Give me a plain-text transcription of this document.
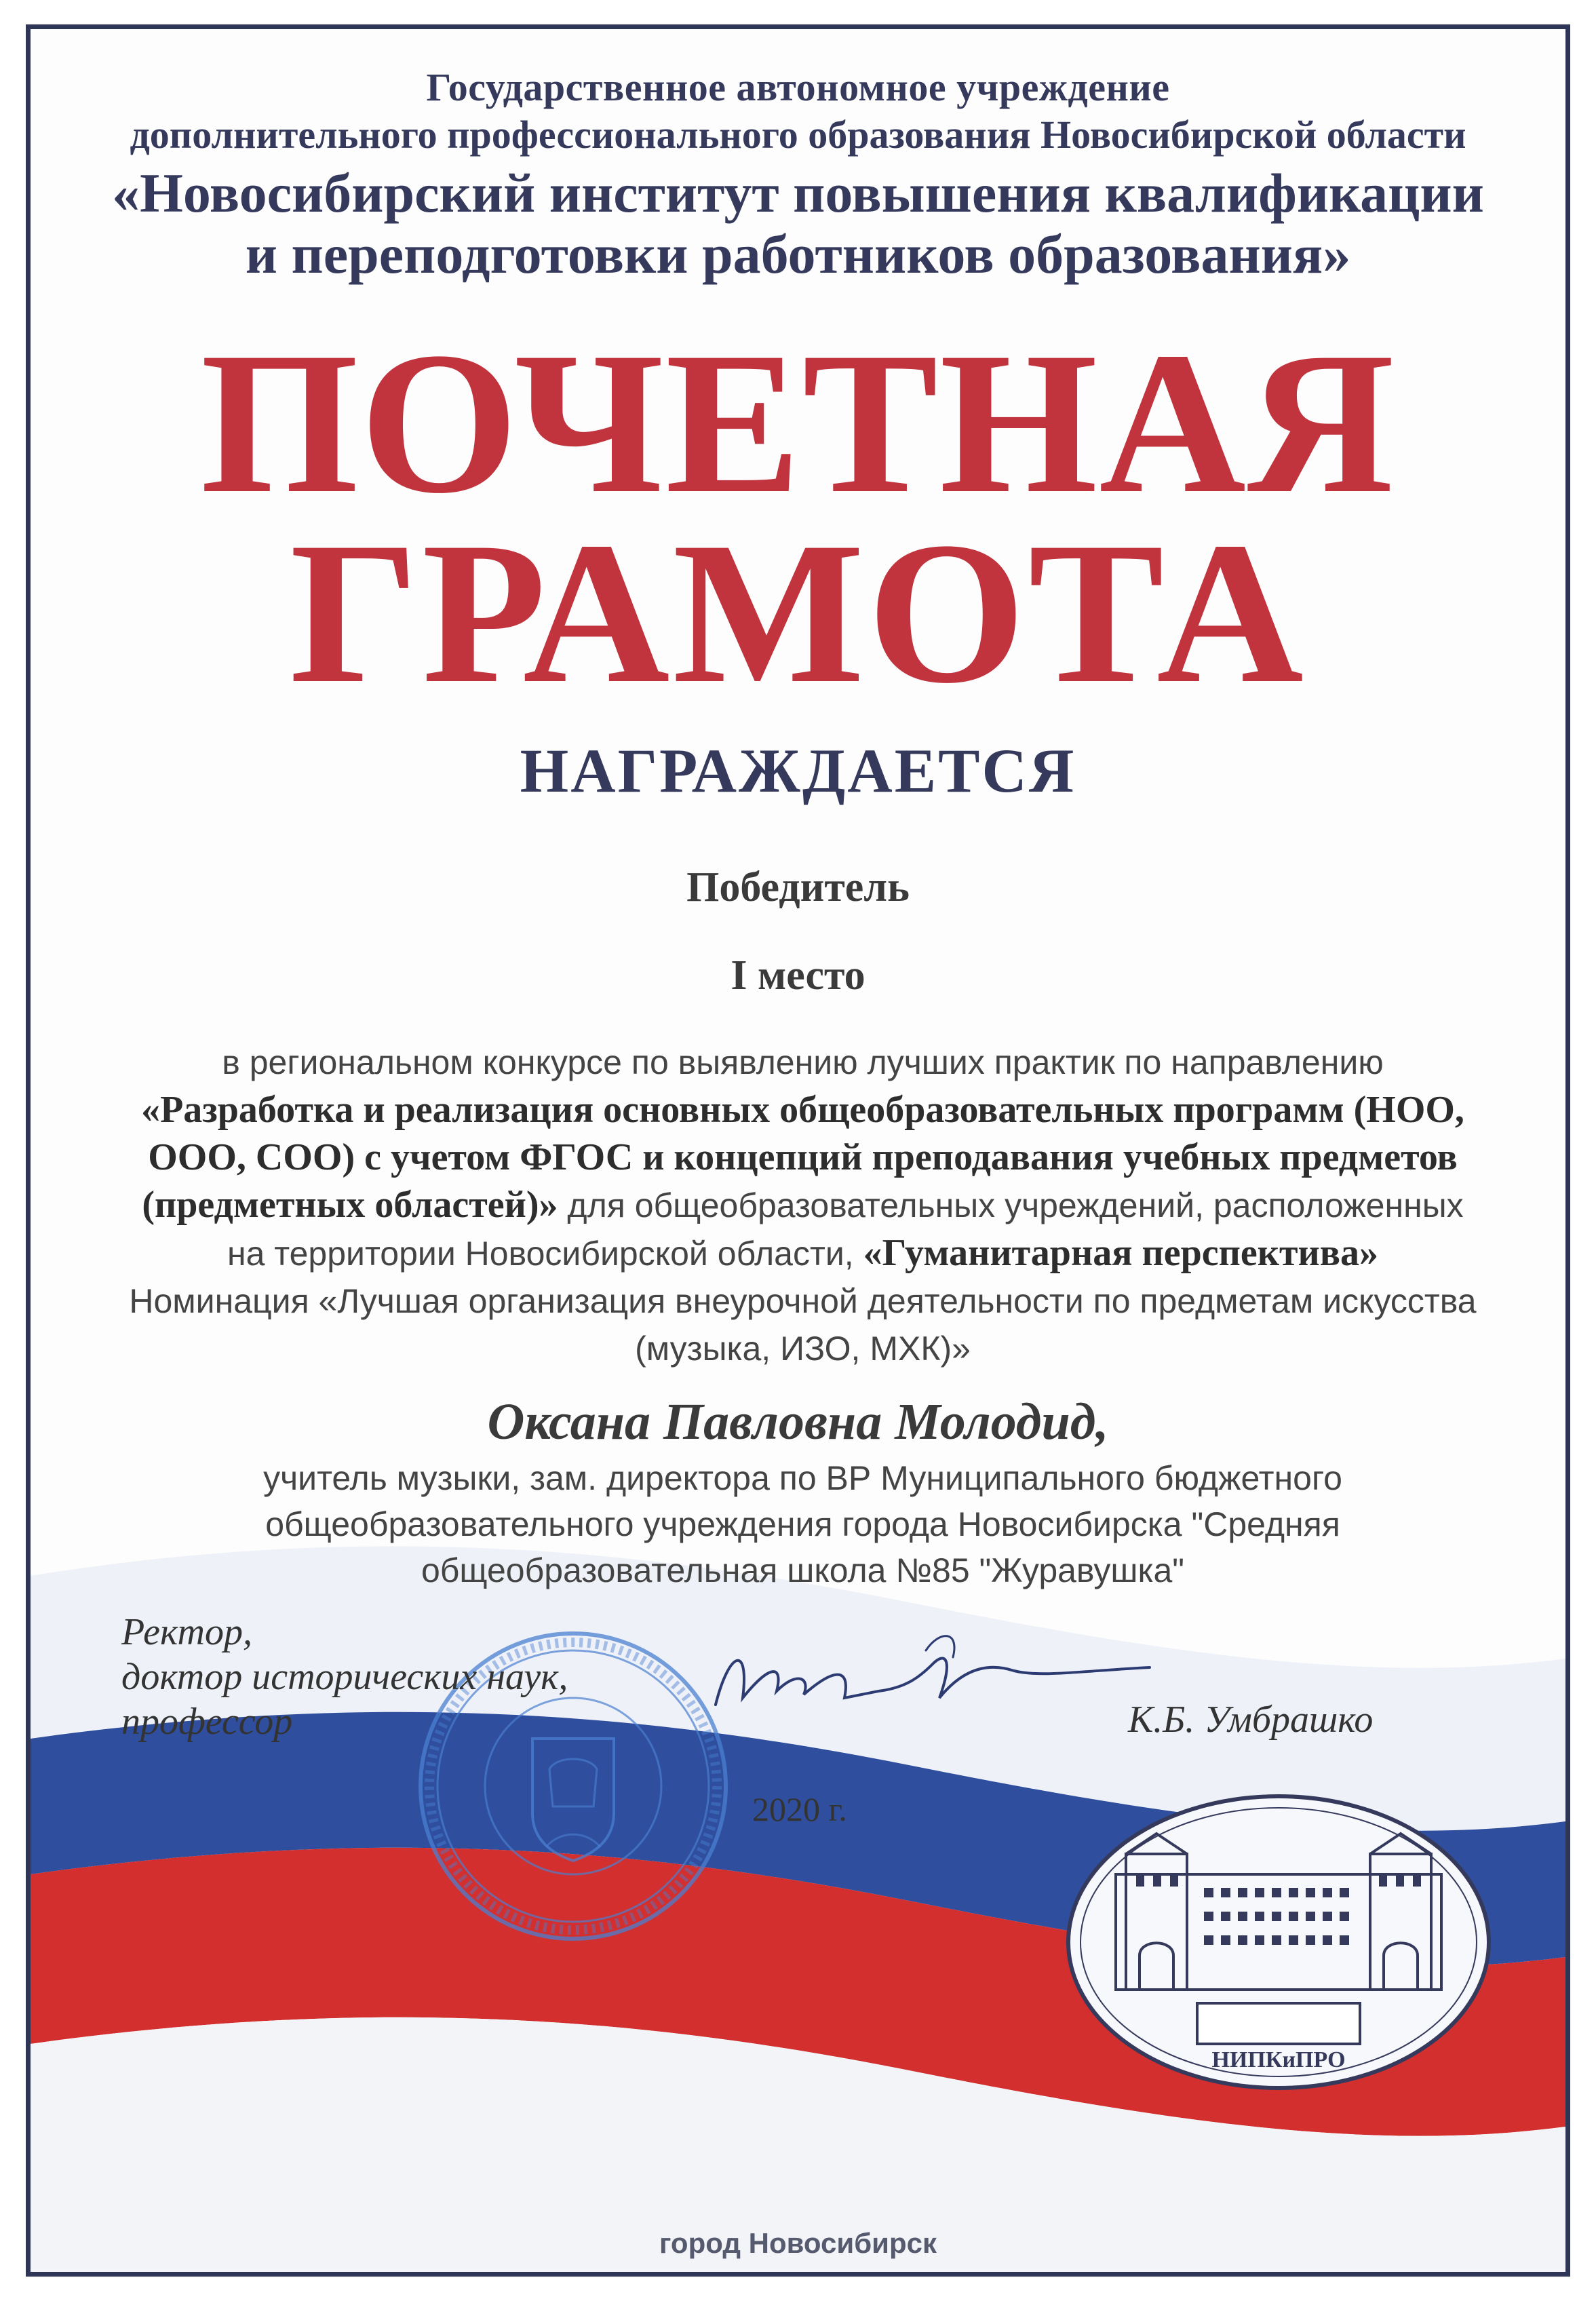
Государственное автономное учреждение
дополнительного профессионального образования Новосибирской области
«Новосибирский институт повышения квалификации
и переподготовки работников образования»
ПОЧЕТНАЯ
ГРАМОТА
НАГРАЖДАЕТСЯ
Победитель
I место
в региональном конкурсе по выявлению лучших практик по направлению
«Разработка и реализация основных общеобразовательных программ (НОО,
ООО, СОО) с учетом ФГОС и концепций преподавания учебных предметов
(предметных областей)» для общеобразовательных учреждений, расположенных
на территории Новосибирской области, «Гуманитарная перспектива»
Номинация «Лучшая организация внеурочной деятельности по предметам искусства
(музыка, ИЗО, МХК)»
Оксана Павловна Молодид,
учитель музыки, зам. директора по ВР Муниципального бюджетного
общеобразовательного учреждения города Новосибирска "Средняя
общеобразовательная школа №85 "Журавушка"
Ректор,
доктор исторических наук,
профессор	К.Б. Умбрашко
2020 г.
НИПКиПРО
город Новосибирск
